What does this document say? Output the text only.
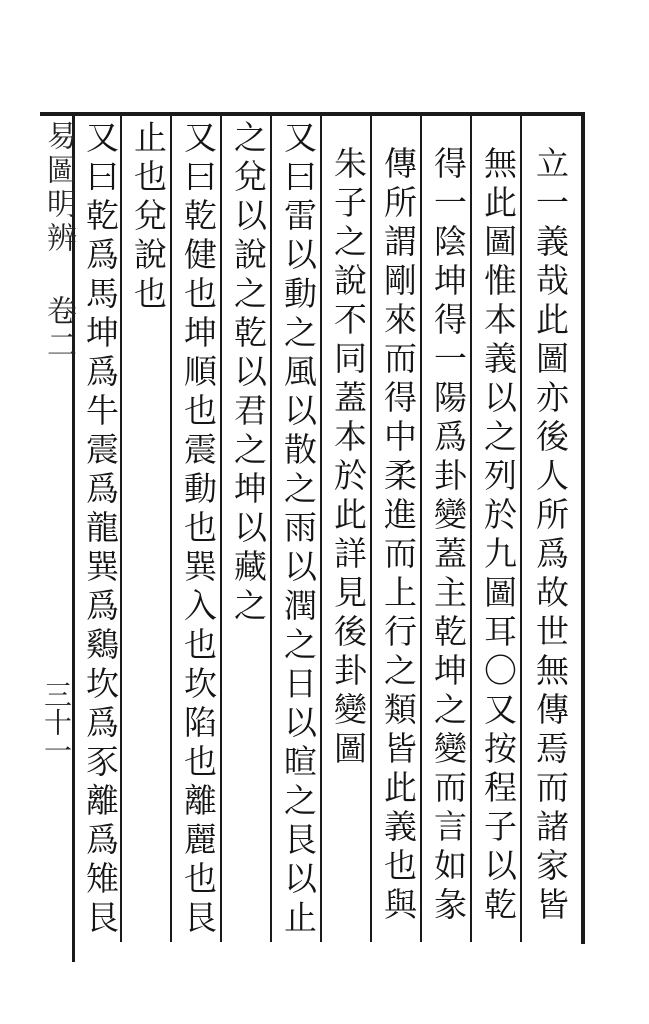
易圖明辨 卷二
三十一	立一義哉此圖亦後人所爲故世無傳焉而諸家皆
無此圖惟本義以之列於九圖耳〇又按程子以乾
得一陰坤得一陽爲卦變蓋主乾坤之變而言如彖
傳所謂剛來而得中柔進而上行之類皆此義也與
朱子之說不同蓋本於此詳見後卦變圖
又曰雷以動之風以散之雨以潤之日以暄之艮以止
之兌以說之乾以君之坤以藏之
又曰乾健也坤順也震動也巽入也坎陷也離麗也艮
止也兌說也
又曰乾爲馬坤爲牛震爲龍巽爲鷄坎爲豕離爲雉艮
